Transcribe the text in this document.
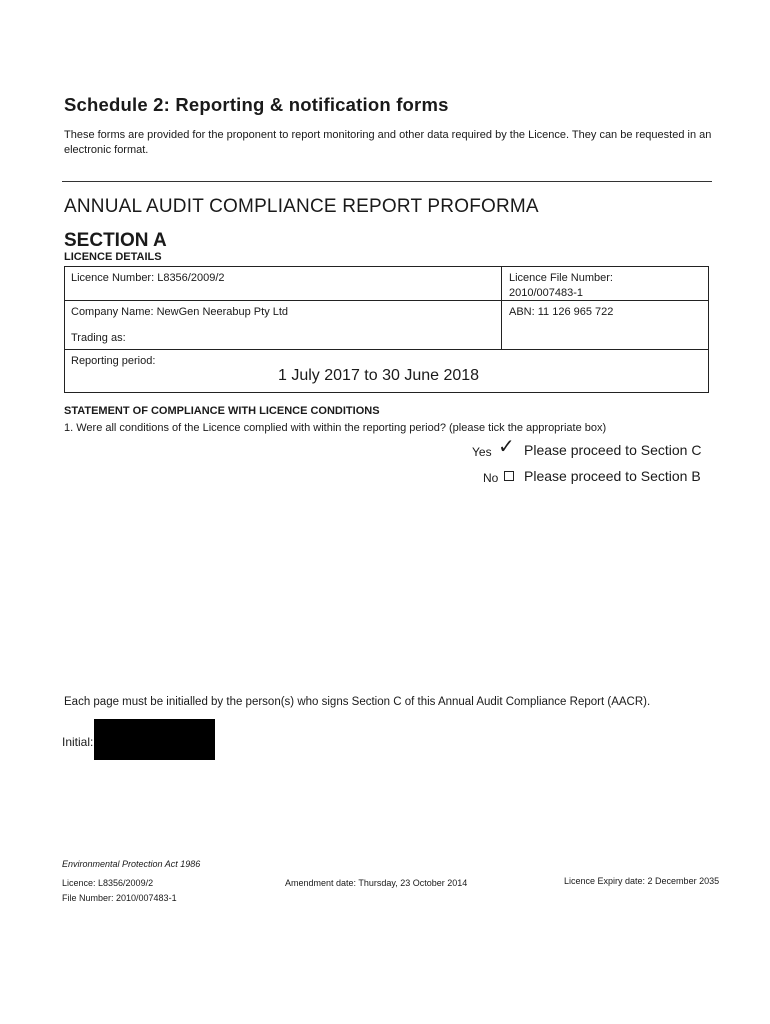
Schedule 2: Reporting & notification forms
These forms are provided for the proponent to report monitoring and other data required by the Licence. They can be requested in an electronic format.
ANNUAL AUDIT COMPLIANCE REPORT PROFORMA
SECTION A
LICENCE DETAILS
Licence Number: L8356/2009/2	Licence File Number:
2010/007483-1
Company Name: NewGen Neerabup Pty Ltd	ABN: 11 126 965 722
Trading as:
Reporting period:
1 July 2017 to 30 June 2018
STATEMENT OF COMPLIANCE WITH LICENCE CONDITIONS
1. Were all conditions of the Licence complied with within the reporting period? (please tick the appropriate box)
Yes ✓ Please proceed to Section C
No Please proceed to Section B
Each page must be initialled by the person(s) who signs Section C of this Annual Audit Compliance Report (AACR).
Initial:
Environmental Protection Act 1986
Licence: L8356/2009/2
File Number: 2010/007483-1
Amendment date: Thursday, 23 October 2014	Licence Expiry date: 2 December 2035
